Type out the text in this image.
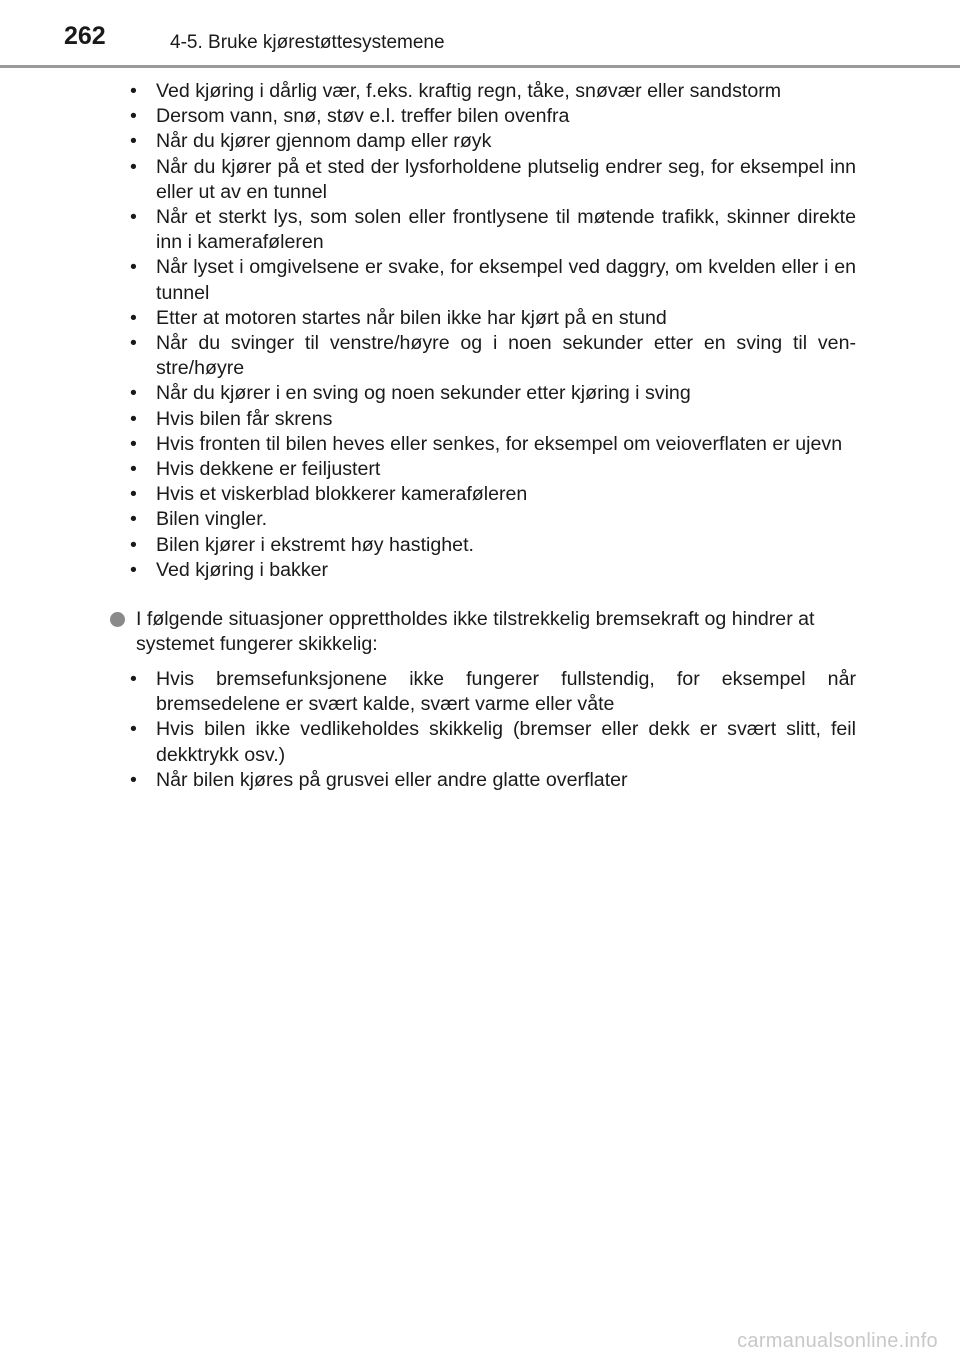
262	4-5. Bruke kjørestøttesystemene
• Ved kjøring i dårlig vær, f.eks. kraftig regn, tåke, snøvær eller sandstorm
• Dersom vann, snø, støv e.l. treffer bilen ovenfra
• Når du kjører gjennom damp eller røyk
• Når du kjører på et sted der lysforholdene plutselig endrer seg, for eksempel inn eller ut av en tunnel
• Når et sterkt lys, som solen eller frontlysene til møtende trafikk, skinner direkte inn i kameraføleren
• Når lyset i omgivelsene er svake, for eksempel ved daggry, om kvelden eller i en tunnel
• Etter at motoren startes når bilen ikke har kjørt på en stund
• Når du svinger til venstre/høyre og i noen sekunder etter en sving til ven-stre/høyre
• Når du kjører i en sving og noen sekunder etter kjøring i sving
• Hvis bilen får skrens
• Hvis fronten til bilen heves eller senkes, for eksempel om veioverflaten er ujevn
• Hvis dekkene er feiljustert
• Hvis et viskerblad blokkerer kameraføleren
• Bilen vingler.
• Bilen kjører i ekstremt høy hastighet.
• Ved kjøring i bakker
I følgende situasjoner opprettholdes ikke tilstrekkelig bremsekraft og hindrer at systemet fungerer skikkelig:
• Hvis bremsefunksjonene ikke fungerer fullstendig, for eksempel når bremsedelene er svært kalde, svært varme eller våte
• Hvis bilen ikke vedlikeholdes skikkelig (bremser eller dekk er svært slitt, feil dekktrykk osv.)
• Når bilen kjøres på grusvei eller andre glatte overflater
carmanualsonline.info
